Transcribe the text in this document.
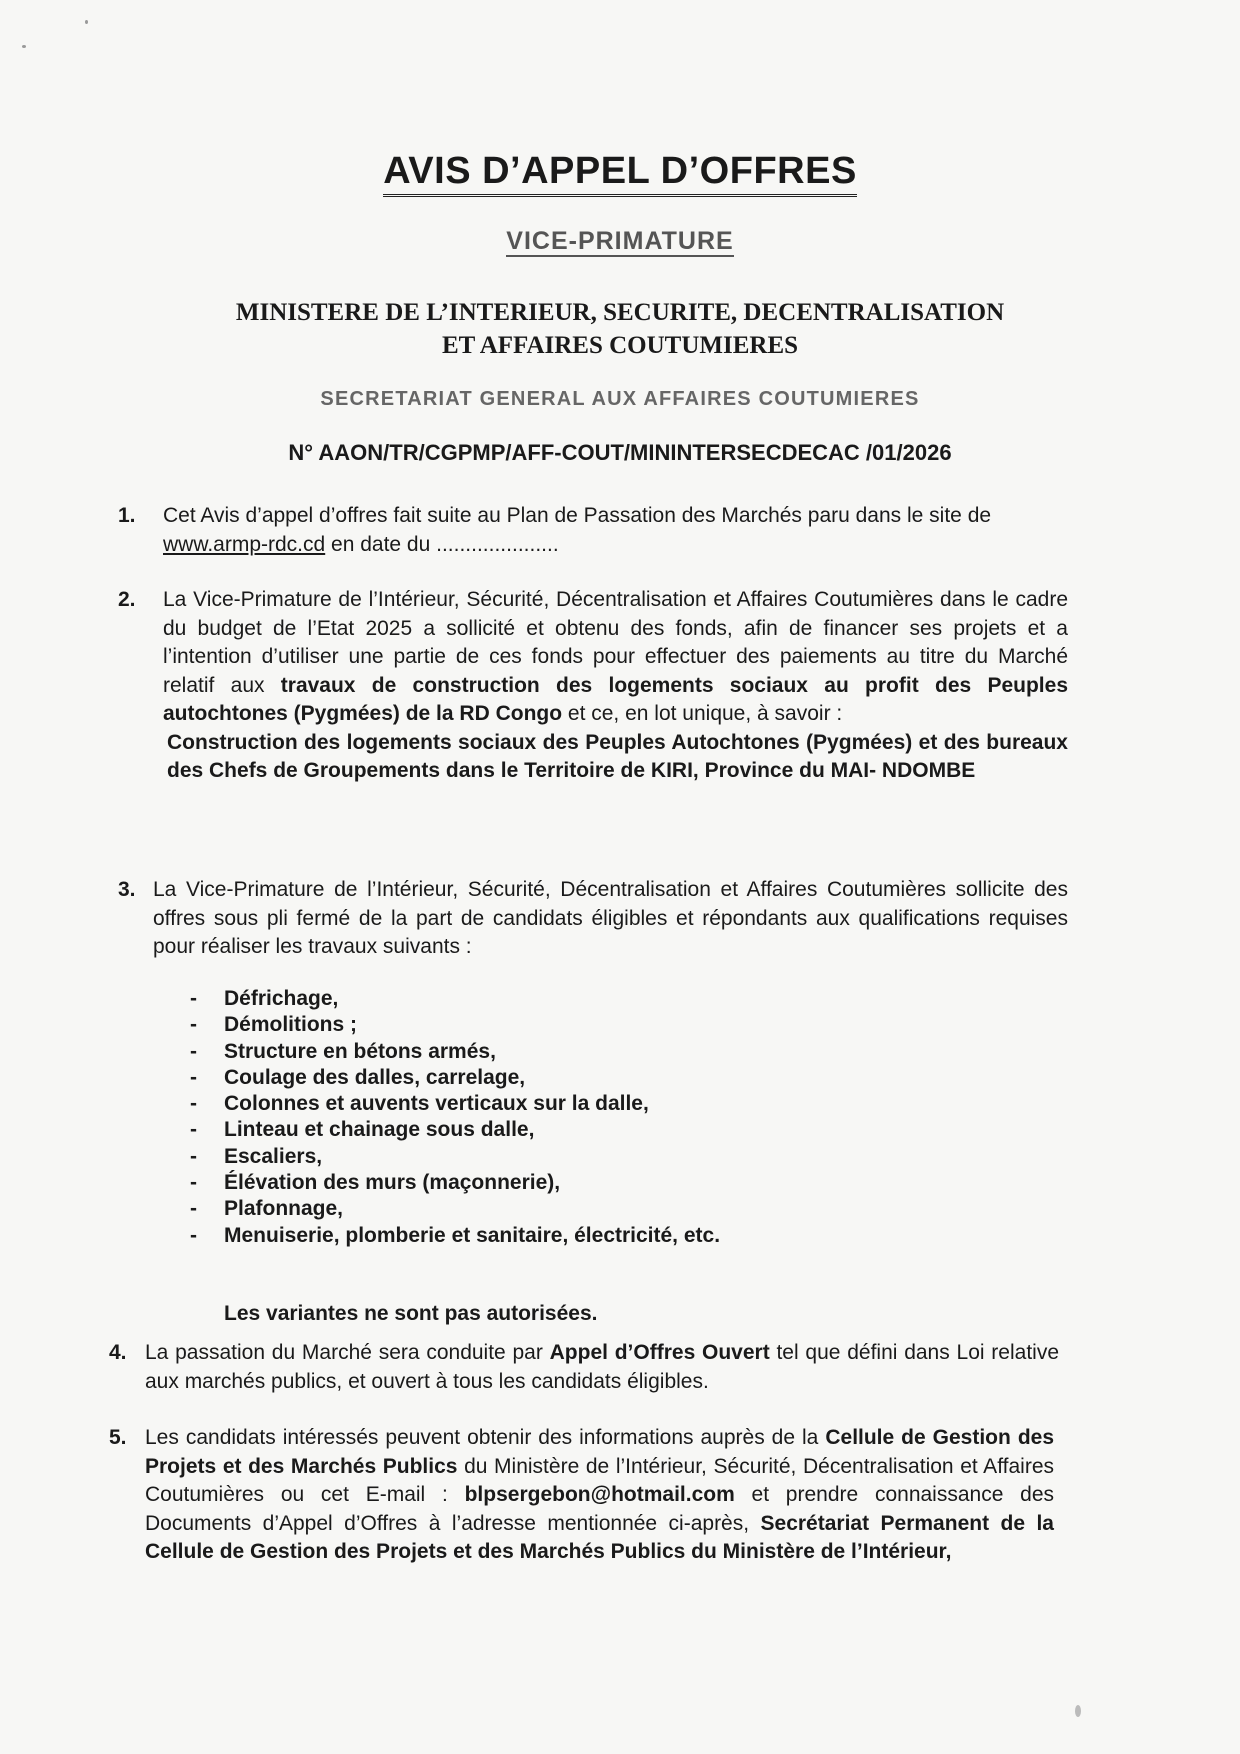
AVIS D’APPEL D’OFFRES
VICE-PRIMATURE
MINISTERE DE L’INTERIEUR, SECURITE, DECENTRALISATION
ET AFFAIRES COUTUMIERES
SECRETARIAT GENERAL AUX AFFAIRES COUTUMIERES
N° AAON/TR/CGPMP/AFF-COUT/MININTERSECDECAC /01/2026
1. Cet Avis d’appel d’offres fait suite au Plan de Passation des Marchés paru dans le site de www.armp-rdc.cd en date du .....................
2. La Vice-Primature de l’Intérieur, Sécurité, Décentralisation et Affaires Coutumières dans le cadre du budget de l’Etat 2025 a sollicité et obtenu des fonds, afin de financer ses projets et a l’intention d’utiliser une partie de ces fonds pour effectuer des paiements au titre du Marché relatif aux travaux de construction des logements sociaux au profit des Peuples autochtones (Pygmées) de la RD Congo et ce, en lot unique, à savoir :
Construction des logements sociaux des Peuples Autochtones (Pygmées) et des bureaux des Chefs de Groupements dans le Territoire de KIRI, Province du MAI- NDOMBE
3. La Vice-Primature de l’Intérieur, Sécurité, Décentralisation et Affaires Coutumières sollicite des offres sous pli fermé de la part de candidats éligibles et répondants aux qualifications requises pour réaliser les travaux suivants :
- Défrichage,
- Démolitions ;
- Structure en bétons armés,
- Coulage des dalles, carrelage,
- Colonnes et auvents verticaux sur la dalle,
- Linteau et chainage sous dalle,
- Escaliers,
- Élévation des murs (maçonnerie),
- Plafonnage,
- Menuiserie, plomberie et sanitaire, électricité, etc.
Les variantes ne sont pas autorisées.
4. La passation du Marché sera conduite par Appel d’Offres Ouvert tel que défini dans Loi relative aux marchés publics, et ouvert à tous les candidats éligibles.
5. Les candidats intéressés peuvent obtenir des informations auprès de la Cellule de Gestion des Projets et des Marchés Publics du Ministère de l’Intérieur, Sécurité, Décentralisation et Affaires Coutumières ou cet E-mail : blpsergebon@hotmail.com et prendre connaissance des Documents d’Appel d’Offres à l’adresse mentionnée ci-après, Secrétariat Permanent de la Cellule de Gestion des Projets et des Marchés Publics du Ministère de l’Intérieur,
